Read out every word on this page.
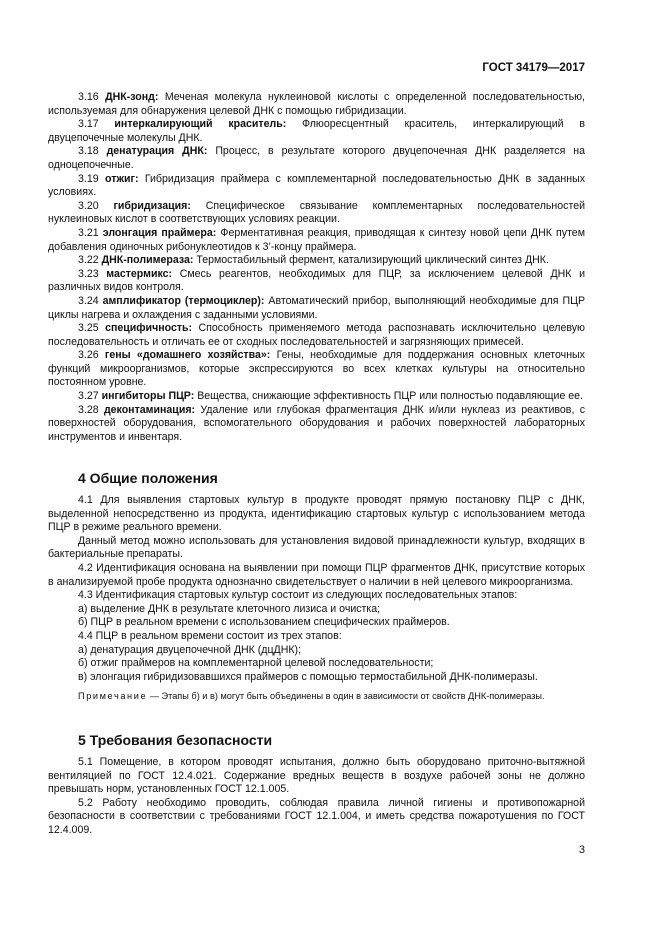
ГОСТ 34179—2017

3.16 ДНК-зонд: Меченая молекула нуклеиновой кислоты с определенной последовательностью, используемая для обнаружения целевой ДНК с помощью гибридизации.

3.17 интеркалирующий краситель: Флюоресцентный краситель, интеркалирующий в двуцепочечные молекулы ДНК.

3.18 денатурация ДНК: Процесс, в результате которого двуцепочечная ДНК разделяется на одноцепочечные.

3.19 отжиг: Гибридизация праймера с комплементарной последовательностью ДНК в заданных условиях.

3.20 гибридизация: Специфическое связывание комплементарных последовательностей нуклеиновых кислот в соответствующих условиях реакции.

3.21 элонгация праймера: Ферментативная реакция, приводящая к синтезу новой цепи ДНК путем добавления одиночных рибонуклеотидов к 3’-концу праймера.

3.22 ДНК-полимераза: Термостабильный фермент, катализирующий циклический синтез ДНК.

3.23 мастермикс: Смесь реагентов, необходимых для ПЦР, за исключением целевой ДНК и различных видов контроля.

3.24 амплификатор (термоциклер): Автоматический прибор, выполняющий необходимые для ПЦР циклы нагрева и охлаждения с заданными условиями.

3.25 специфичность: Способность применяемого метода распознавать исключительно целевую последовательность и отличать ее от сходных последовательностей и загрязняющих примесей.

3.26 гены «домашнего хозяйства»: Гены, необходимые для поддержания основных клеточных функций микроорганизмов, которые экспрессируются во всех клетках культуры на относительно постоянном уровне.

3.27 ингибиторы ПЦР: Вещества, снижающие эффективность ПЦР или полностью подавляющие ее.

3.28 деконтаминация: Удаление или глубокая фрагментация ДНК и/или нуклеаз из реактивов, с поверхностей оборудования, вспомогательного оборудования и рабочих поверхностей лабораторных инструментов и инвентаря.

4 Общие положения

4.1 Для выявления стартовых культур в продукте проводят прямую постановку ПЦР с ДНК, выделенной непосредственно из продукта, идентификацию стартовых культур с использованием метода ПЦР в режиме реального времени.

Данный метод можно использовать для установления видовой принадлежности культур, входящих в бактериальные препараты.

4.2 Идентификация основана на выявлении при помощи ПЦР фрагментов ДНК, присутствие которых в анализируемой пробе продукта однозначно свидетельствует о наличии в ней целевого микроорганизма.

4.3 Идентификация стартовых культур состоит из следующих последовательных этапов:

а) выделение ДНК в результате клеточного лизиса и очистка;

б) ПЦР в реальном времени с использованием специфических праймеров.

4.4 ПЦР в реальном времени состоит из трех этапов:

а) денатурация двуцепочечной ДНК (дцДНК);

б) отжиг праймеров на комплементарной целевой последовательности;

в) элонгация гибридизовавшихся праймеров с помощью термостабильной ДНК-полимеразы.

Примечание — Этапы б) и в) могут быть объединены в один в зависимости от свойств ДНК-полимеразы.

5 Требования безопасности

5.1 Помещение, в котором проводят испытания, должно быть оборудовано приточно-вытяжной вентиляцией по ГОСТ 12.4.021. Содержание вредных веществ в воздухе рабочей зоны не должно превышать норм, установленных ГОСТ 12.1.005.

5.2 Работу необходимо проводить, соблюдая правила личной гигиены и противопожарной безопасности в соответствии с требованиями ГОСТ 12.1.004, и иметь средства пожаротушения по ГОСТ 12.4.009.

3
